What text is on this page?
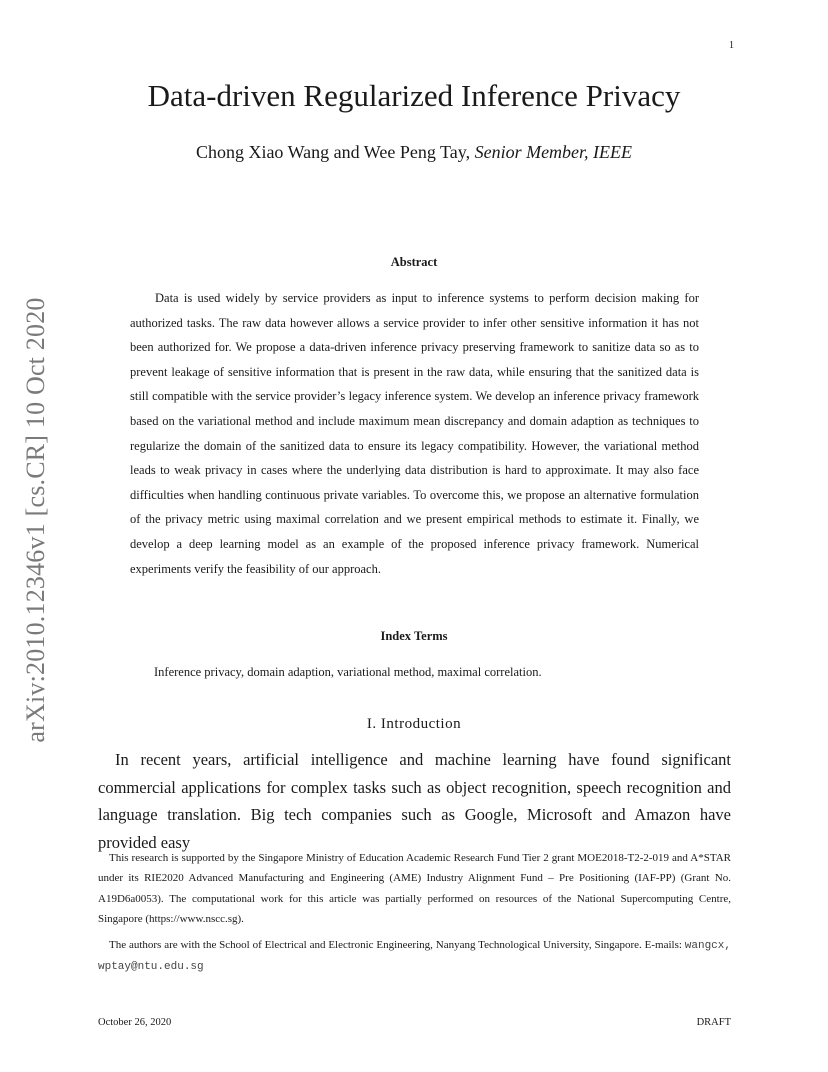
1
arXiv:2010.12346v1 [cs.CR] 10 Oct 2020
Data-driven Regularized Inference Privacy
Chong Xiao Wang and Wee Peng Tay, Senior Member, IEEE
Abstract

Data is used widely by service providers as input to inference systems to perform decision making for authorized tasks. The raw data however allows a service provider to infer other sensitive information it has not been authorized for. We propose a data-driven inference privacy preserving framework to sanitize data so as to prevent leakage of sensitive information that is present in the raw data, while ensuring that the sanitized data is still compatible with the service provider’s legacy inference system. We develop an inference privacy framework based on the variational method and include maximum mean discrepancy and domain adaption as techniques to regularize the domain of the sanitized data to ensure its legacy compatibility. However, the variational method leads to weak privacy in cases where the underlying data distribution is hard to approximate. It may also face difficulties when handling continuous private variables. To overcome this, we propose an alternative formulation of the privacy metric using maximal correlation and we present empirical methods to estimate it. Finally, we develop a deep learning model as an example of the proposed inference privacy framework. Numerical experiments verify the feasibility of our approach.

Index Terms

Inference privacy, domain adaption, variational method, maximal correlation.

I. Introduction

In recent years, artificial intelligence and machine learning have found significant commercial applications for complex tasks such as object recognition, speech recognition and language translation. Big tech companies such as Google, Microsoft and Amazon have provided easy

This research is supported by the Singapore Ministry of Education Academic Research Fund Tier 2 grant MOE2018-T2-2-019 and A*STAR under its RIE2020 Advanced Manufacturing and Engineering (AME) Industry Alignment Fund – Pre Positioning (IAF-PP) (Grant No. A19D6a0053). The computational work for this article was partially performed on resources of the National Supercomputing Centre, Singapore (https://www.nscc.sg).

The authors are with the School of Electrical and Electronic Engineering, Nanyang Technological University, Singapore. E-mails: wangcx, wptay@ntu.edu.sg

October 26, 2020	DRAFT
